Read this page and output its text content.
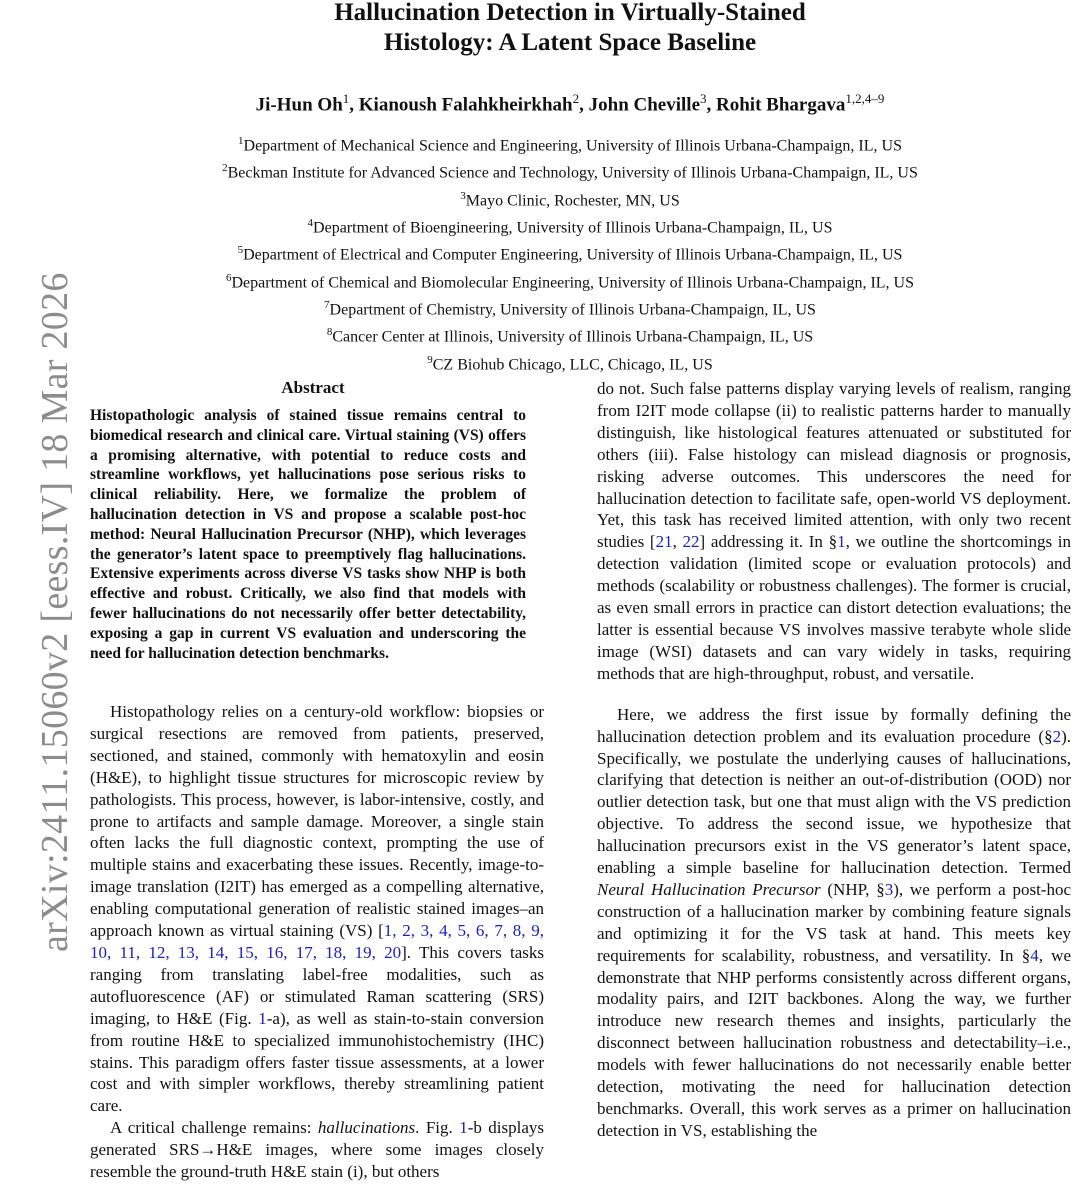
arXiv:2411.15060v2 [eess.IV] 18 Mar 2026
Hallucination Detection in Virtually-Stained
Histology: A Latent Space Baseline
Ji-Hun Oh$^1$, Kianoush Falahkheirkhah$^2$, John Cheville$^3$, Rohit Bhargava$^{1,2,4-9}$
$^1$Department of Mechanical Science and Engineering, University of Illinois Urbana-Champaign, IL, US
$^2$Beckman Institute for Advanced Science and Technology, University of Illinois Urbana-Champaign, IL, US
$^3$Mayo Clinic, Rochester, MN, US
$^4$Department of Bioengineering, University of Illinois Urbana-Champaign, IL, US
$^5$Department of Electrical and Computer Engineering, University of Illinois Urbana-Champaign, IL, US
$^6$Department of Chemical and Biomolecular Engineering, University of Illinois Urbana-Champaign, IL, US
$^7$Department of Chemistry, University of Illinois Urbana-Champaign, IL, US
$^8$Cancer Center at Illinois, University of Illinois Urbana-Champaign, IL, US
$^9$CZ Biohub Chicago, LLC, Chicago, IL, US
Abstract
Histopathologic analysis of stained tissue remains central to biomedical research and clinical care. Virtual staining (VS) offers a promising alternative, with potential to reduce costs and streamline workflows, yet hallucinations pose serious risks to clinical reliability. Here, we formalize the problem of hallucination detection in VS and propose a scalable post-hoc method: Neural Hallucination Precursor (NHP), which leverages the generator’s latent space to preemptively flag hallucinations. Extensive experiments across diverse VS tasks show NHP is both effective and robust. Critically, we also find that models with fewer hallucinations do not necessarily offer better detectability, exposing a gap in current VS evaluation and underscoring the need for hallucination detection benchmarks.

Histopathology relies on a century-old workflow: biopsies or surgical resections are removed from patients, preserved, sectioned, and stained, commonly with hematoxylin and eosin (H&E), to highlight tissue structures for microscopic review by pathologists. This process, however, is labor-intensive, costly, and prone to artifacts and sample damage. Moreover, a single stain often lacks the full diagnostic context, prompting the use of multiple stains and exacerbating these issues. Recently, image-to-image translation (I2IT) has emerged as a compelling alternative, enabling computational generation of realistic stained images–an approach known as virtual staining (VS) [1, 2, 3, 4, 5, 6, 7, 8, 9, 10, 11, 12, 13, 14, 15, 16, 17, 18, 19, 20]. This covers tasks ranging from translating label-free modalities, such as autofluorescence (AF) or stimulated Raman scattering (SRS) imaging, to H&E (Fig. 1-a), as well as stain-to-stain conversion from routine H&E to specialized immunohistochemistry (IHC) stains. This paradigm offers faster tissue assessments, at a lower cost and with simpler workflows, thereby streamlining patient care.

A critical challenge remains: hallucinations. Fig. 1-b displays generated SRS→H&E images, where some images closely resemble the ground-truth H&E stain (i), but others

do not. Such false patterns display varying levels of realism, ranging from I2IT mode collapse (ii) to realistic patterns harder to manually distinguish, like histological features attenuated or substituted for others (iii). False histology can mislead diagnosis or prognosis, risking adverse outcomes. This underscores the need for hallucination detection to facilitate safe, open-world VS deployment. Yet, this task has received limited attention, with only two recent studies [21, 22] addressing it. In §1, we outline the shortcomings in detection validation (limited scope or evaluation protocols) and methods (scalability or robustness challenges). The former is crucial, as even small errors in practice can distort detection evaluations; the latter is essential because VS involves massive terabyte whole slide image (WSI) datasets and can vary widely in tasks, requiring methods that are high-throughput, robust, and versatile.

Here, we address the first issue by formally defining the hallucination detection problem and its evaluation procedure (§2). Specifically, we postulate the underlying causes of hallucinations, clarifying that detection is neither an out-of-distribution (OOD) nor outlier detection task, but one that must align with the VS prediction objective. To address the second issue, we hypothesize that hallucination precursors exist in the VS generator’s latent space, enabling a simple baseline for hallucination detection. Termed Neural Hallucination Precursor (NHP, §3), we perform a post-hoc construction of a hallucination marker by combining feature signals and optimizing it for the VS task at hand. This meets key requirements for scalability, robustness, and versatility. In §4, we demonstrate that NHP performs consistently across different organs, modality pairs, and I2IT backbones. Along the way, we further introduce new research themes and insights, particularly the disconnect between hallucination robustness and detectability–i.e., models with fewer hallucinations do not necessarily enable better detection, motivating the need for hallucination detection benchmarks. Overall, this work serves as a primer on hallucination detection in VS, establishing the
